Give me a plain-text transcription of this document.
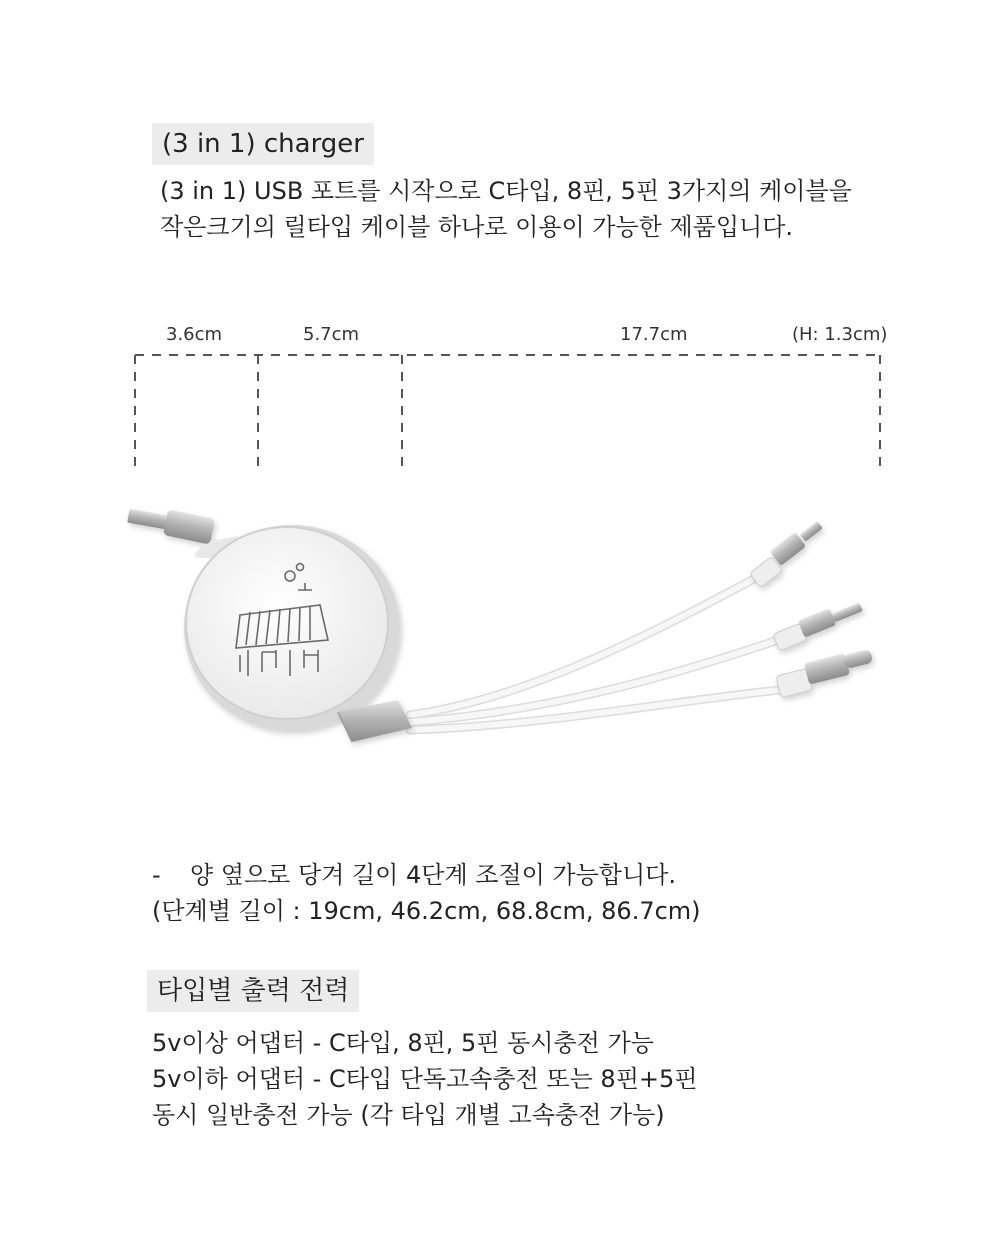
(3 in 1) charger
(3 in 1) USB 포트를 시작으로 C타입, 8핀, 5핀 3가지의 케이블을
작은크기의 릴타입 케이블 하나로 이용이 가능한 제품입니다.
3.6cm	5.7cm	17.7cm	(H: 1.3cm)
- 양 옆으로 당겨 길이 4단계 조절이 가능합니다.
(단계별 길이 : 19cm, 46.2cm, 68.8cm, 86.7cm)
타입별 출력 전력
5v이상 어댑터 - C타입, 8핀, 5핀 동시충전 가능
5v이하 어댑터 - C타입 단독고속충전 또는 8핀+5핀
동시 일반충전 가능 (각 타입 개별 고속충전 가능)
